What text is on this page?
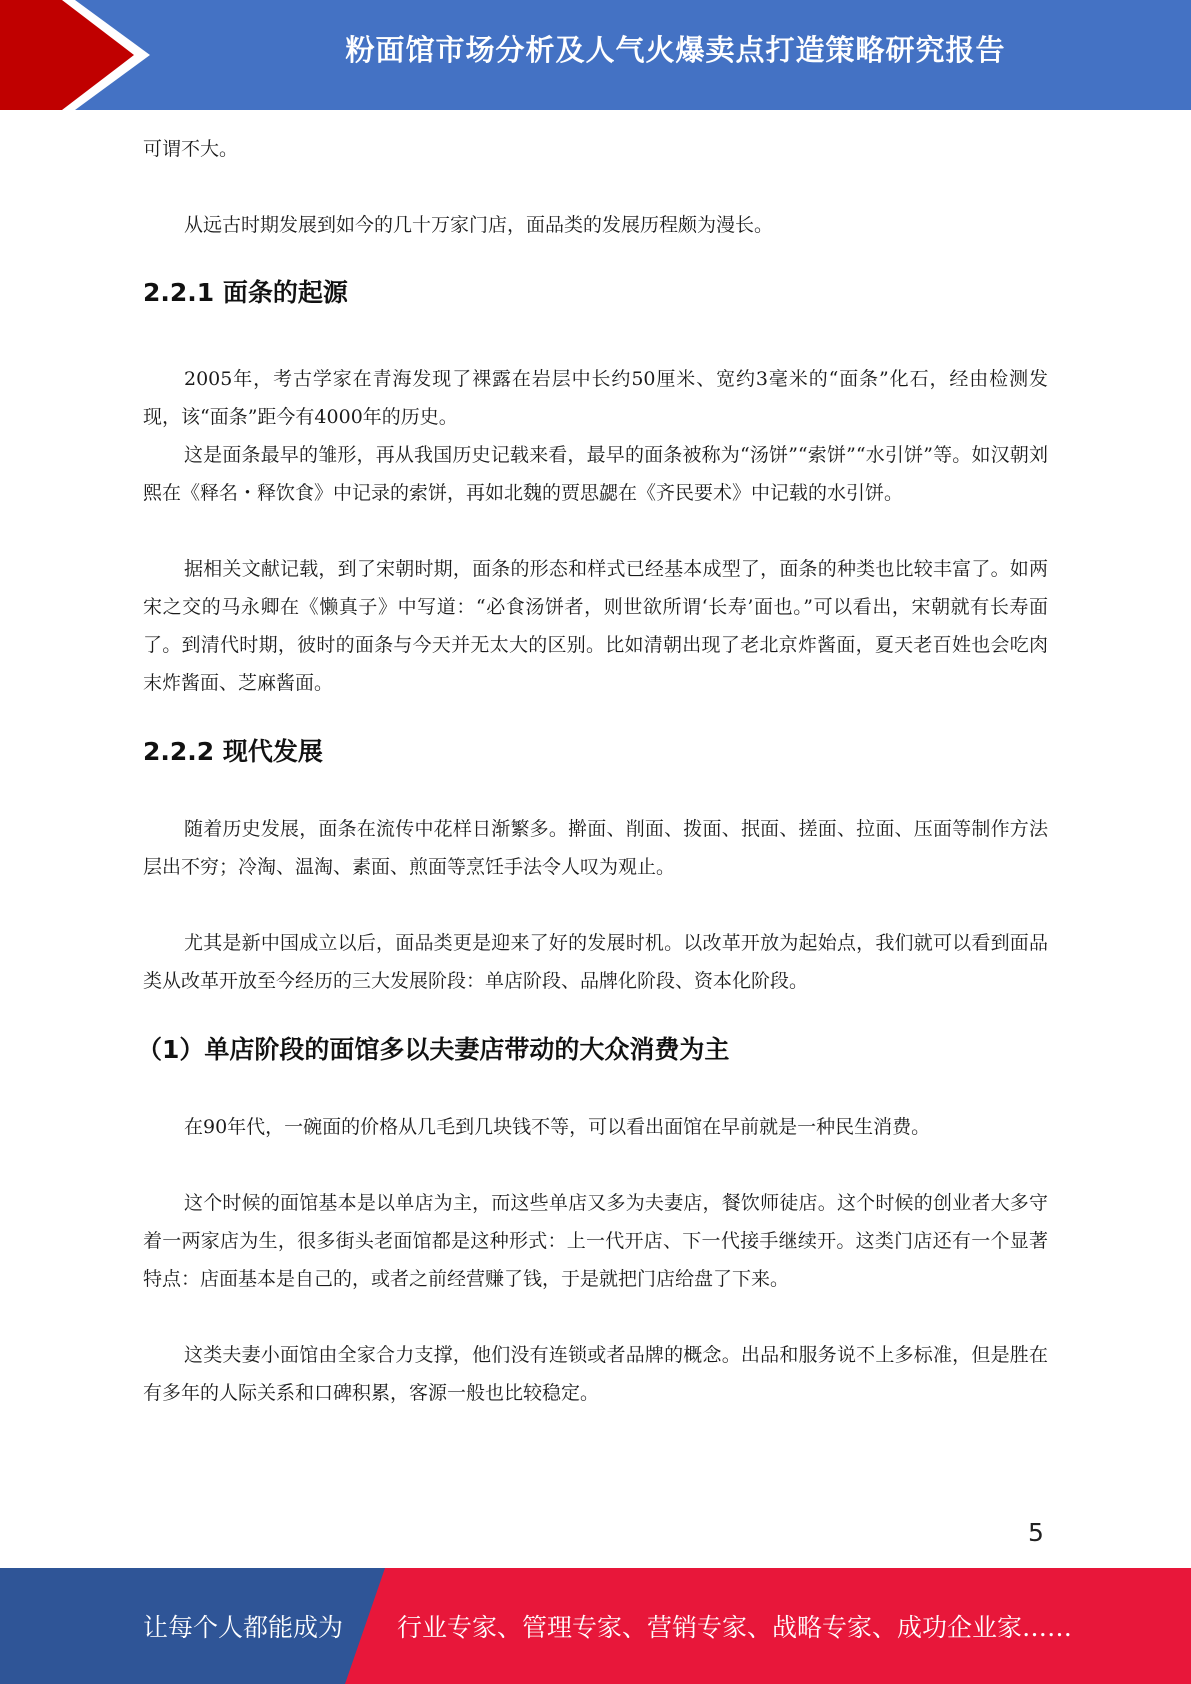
粉面馆市场分析及人气火爆卖点打造策略研究报告

可谓不大。

从远古时期发展到如今的几十万家门店，面品类的发展历程颇为漫长。

2.2.1 面条的起源

2005年，考古学家在青海发现了裸露在岩层中长约50厘米、宽约3毫米的“面条”化石，经由检测发现，该“面条”距今有4000年的历史。

这是面条最早的雏形，再从我国历史记载来看，最早的面条被称为“汤饼”“索饼”“水引饼”等。如汉朝刘熙在《释名・释饮食》中记录的索饼，再如北魏的贾思勰在《齐民要术》中记载的水引饼。

据相关文献记载，到了宋朝时期，面条的形态和样式已经基本成型了，面条的种类也比较丰富了。如两宋之交的马永卿在《懒真子》中写道：“必食汤饼者，则世欲所谓‘长寿’面也。”可以看出，宋朝就有长寿面了。到清代时期，彼时的面条与今天并无太大的区别。比如清朝出现了老北京炸酱面，夏天老百姓也会吃肉末炸酱面、芝麻酱面。

2.2.2 现代发展

随着历史发展，面条在流传中花样日渐繁多。擀面、削面、拨面、抿面、搓面、拉面、压面等制作方法层出不穷；冷淘、温淘、素面、煎面等烹饪手法令人叹为观止。

尤其是新中国成立以后，面品类更是迎来了好的发展时机。以改革开放为起始点，我们就可以看到面品类从改革开放至今经历的三大发展阶段：单店阶段、品牌化阶段、资本化阶段。

（1）单店阶段的面馆多以夫妻店带动的大众消费为主

在90年代，一碗面的价格从几毛到几块钱不等，可以看出面馆在早前就是一种民生消费。

这个时候的面馆基本是以单店为主，而这些单店又多为夫妻店，餐饮师徒店。这个时候的创业者大多守着一两家店为生，很多街头老面馆都是这种形式：上一代开店、下一代接手继续开。这类门店还有一个显著特点：店面基本是自己的，或者之前经营赚了钱，于是就把门店给盘了下来。

这类夫妻小面馆由全家合力支撑，他们没有连锁或者品牌的概念。出品和服务说不上多标准，但是胜在有多年的人际关系和口碑积累，客源一般也比较稳定。

5
让每个人都能成为 行业专家、管理专家、营销专家、战略专家、成功企业家……
